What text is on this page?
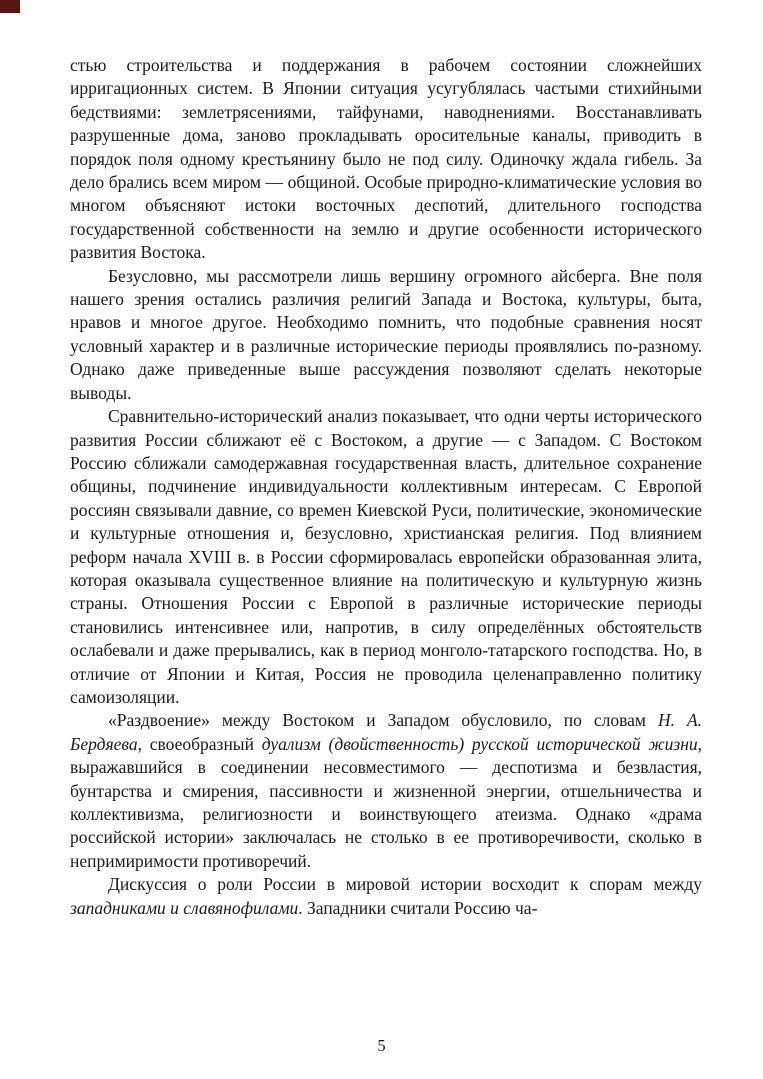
стью строительства и поддержания в рабочем состоянии сложнейших ирригационных систем. В Японии ситуация усугублялась частыми стихийными бедствиями: землетрясениями, тайфунами, наводнениями. Восстанавливать разрушенные дома, заново прокладывать оросительные каналы, приводить в порядок поля одному крестьянину было не под силу. Одиночку ждала гибель. За дело брались всем миром — общиной. Особые природно-климатические условия во многом объясняют истоки восточных деспотий, длительного господства государственной собственности на землю и другие особенности исторического развития Востока.

Безусловно, мы рассмотрели лишь вершину огромного айсберга. Вне поля нашего зрения остались различия религий Запада и Востока, культуры, быта, нравов и многое другое. Необходимо помнить, что подобные сравнения носят условный характер и в различные исторические периоды проявлялись по-разному. Однако даже приведенные выше рассуждения позволяют сделать некоторые выводы.

Сравнительно-исторический анализ показывает, что одни черты исторического развития России сближают её с Востоком, а другие — с Западом. С Востоком Россию сближали самодержавная государственная власть, длительное сохранение общины, подчинение индивидуальности коллективным интересам. С Европой россиян связывали давние, со времен Киевской Руси, политические, экономические и культурные отношения и, безусловно, христианская религия. Под влиянием реформ начала XVIII в. в России сформировалась европейски образованная элита, которая оказывала существенное влияние на политическую и культурную жизнь страны. Отношения России с Европой в различные исторические периоды становились интенсивнее или, напротив, в силу определённых обстоятельств ослабевали и даже прерывались, как в период монголо-татарского господства. Но, в отличие от Японии и Китая, Россия не проводила целенаправленно политику самоизоляции.

«Раздвоение» между Востоком и Западом обусловило, по словам Н. А. Бердяева, своеобразный дуализм (двойственность) русской исторической жизни, выражавшийся в соединении несовместимого — деспотизма и безвластия, бунтарства и смирения, пассивности и жизненной энергии, отшельничества и коллективизма, религиозности и воинствующего атеизма. Однако «драма российской истории» заключалась не столько в ее противоречивости, сколько в непримиримости противоречий.

Дискуссия о роли России в мировой истории восходит к спорам между западниками и славянофилами. Западники считали Россию ча-

5
